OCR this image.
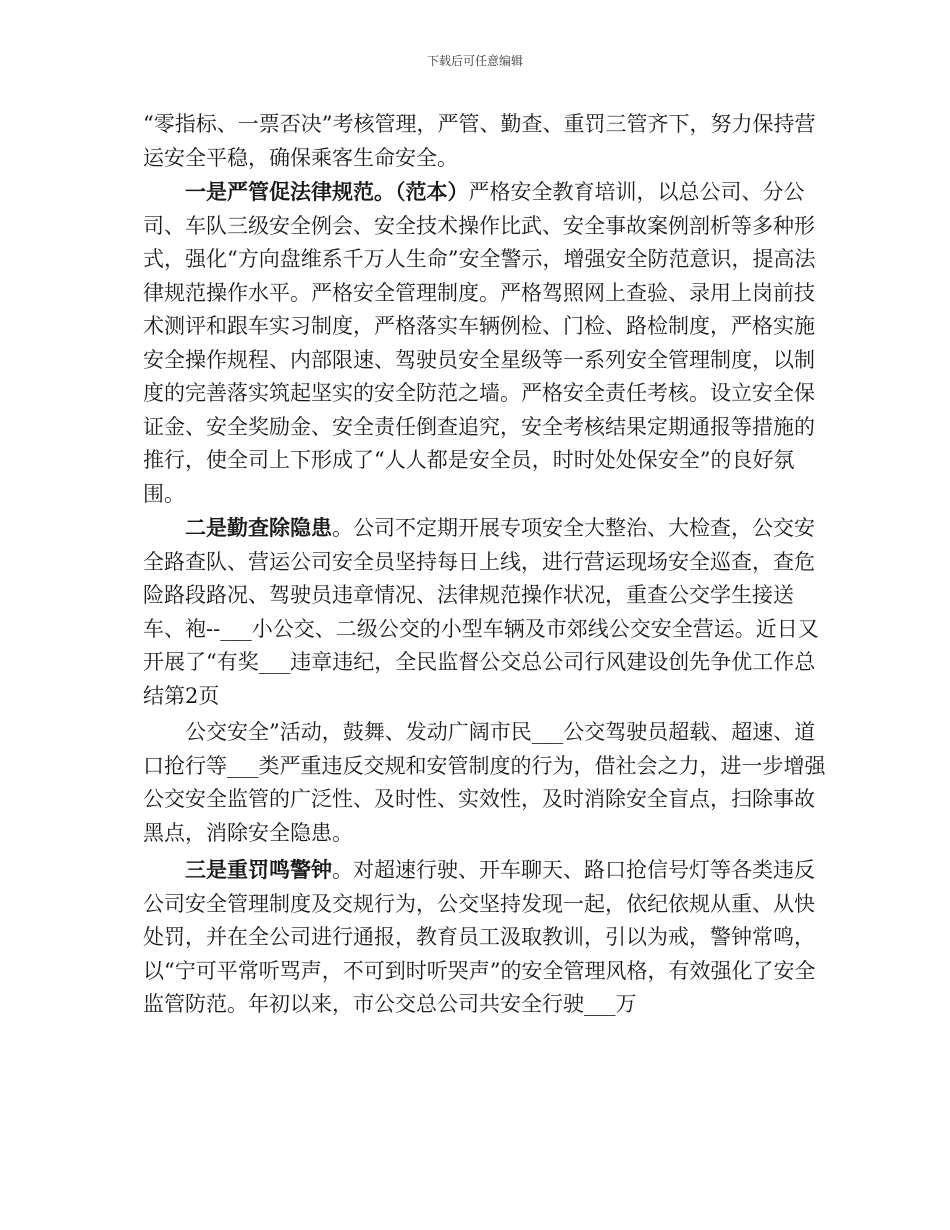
下载后可任意编辑

“零指标、一票否决”考核管理，严管、勤查、重罚三管齐下，努力保持营运安全平稳，确保乘客生命安全。

一是严管促法律规范。（范本）严格安全教育培训，以总公司、分公司、车队三级安全例会、安全技术操作比武、安全事故案例剖析等多种形式，强化“方向盘维系千万人生命”安全警示，增强安全防范意识，提高法律规范操作水平。严格安全管理制度。严格驾照网上查验、录用上岗前技术测评和跟车实习制度，严格落实车辆例检、门检、路检制度，严格实施安全操作规程、内部限速、驾驶员安全星级等一系列安全管理制度，以制度的完善落实筑起坚实的安全防范之墙。严格安全责任考核。设立安全保证金、安全奖励金、安全责任倒查追究，安全考核结果定期通报等措施的推行，使全司上下形成了“人人都是安全员，时时处处保安全”的良好氛围。

二是勤查除隐患。公司不定期开展专项安全大整治、大检查，公交安全路查队、营运公司安全员坚持每日上线，进行营运现场安全巡查，查危险路段路况、驾驶员违章情况、法律规范操作状况，重查公交学生接送车、袍--___小公交、二级公交的小型车辆及市郊线公交安全营运。近日又开展了“有奖___违章违纪，全民监督公交总公司行风建设创先争优工作总结第2页

公交安全”活动，鼓舞、发动广阔市民___公交驾驶员超载、超速、道口抢行等___类严重违反交规和安管制度的行为，借社会之力，进一步增强公交安全监管的广泛性、及时性、实效性，及时消除安全盲点，扫除事故黑点，消除安全隐患。

三是重罚鸣警钟。对超速行驶、开车聊天、路口抢信号灯等各类违反公司安全管理制度及交规行为，公交坚持发现一起，依纪依规从重、从快处罚，并在全公司进行通报，教育员工汲取教训，引以为戒，警钟常鸣，以“宁可平常听骂声，不可到时听哭声”的安全管理风格，有效强化了安全监管防范。年初以来，市公交总公司共安全行驶___万
